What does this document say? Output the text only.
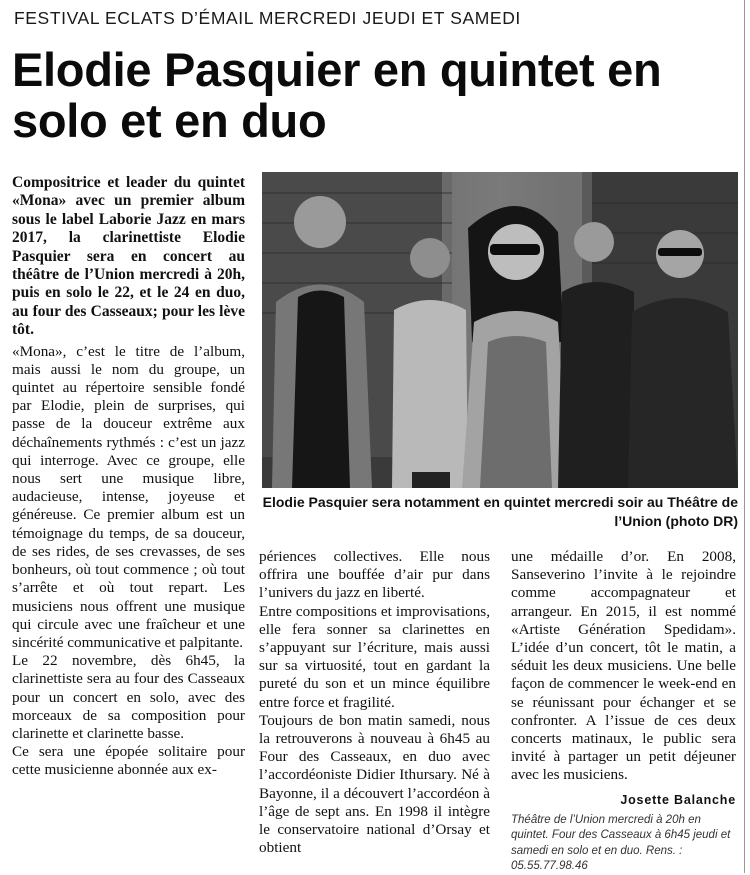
FESTIVAL ECLATS D’ÉMAIL MERCREDI JEUDI ET SAMEDI
Elodie Pasquier en quintet en solo et en duo

Compositrice et leader du quintet «Mona» avec un premier album sous le label Laborie Jazz en mars 2017, la clarinettiste Elodie Pasquier sera en concert au théâtre de l’Union mercredi à 20h, puis en solo le 22, et le 24 en duo, au four des Casseaux; pour les lève tôt.

«Mona», c’est le titre de l’album, mais aussi le nom du groupe, un quintet au répertoire sensible fondé par Elodie, plein de surprises, qui passe de la douceur extrême aux déchaînements rythmés : c’est un jazz qui interroge. Avec ce groupe, elle nous sert une musique libre, audacieuse, intense, joyeuse et généreuse. Ce premier album est un témoignage du temps, de sa douceur, de ses rides, de ses crevasses, de ses bonheurs, où tout commence ; où tout s’arrête et où tout repart. Les musiciens nous offrent une musique qui circule avec une fraîcheur et une sincérité communicative et palpitante.

Le 22 novembre, dès 6h45, la clarinettiste sera au four des Casseaux pour un concert en solo, avec des morceaux de sa composition pour clarinette et clarinette basse.

Ce sera une épopée solitaire pour cette musicienne abonnée aux ex-

Elodie Pasquier sera notamment en quintet mercredi soir au Théâtre de l’Union (photo DR)

périences collectives. Elle nous offrira une bouffée d’air pur dans l’univers du jazz en liberté.

Entre compositions et improvisations, elle fera sonner sa clarinettes en s’appuyant sur l’écriture, mais aussi sur sa virtuosité, tout en gardant la pureté du son et un mince équilibre entre force et fragilité.

Toujours de bon matin samedi, nous la retrouverons à nouveau à 6h45 au Four des Casseaux, en duo avec l’accordéoniste Didier Ithursary. Né à Bayonne, il a découvert l’accordéon à l’âge de sept ans. En 1998 il intègre le conservatoire national d’Orsay et obtient

une médaille d’or. En 2008, Sanseverino l’invite à le rejoindre comme accompagnateur et arrangeur. En 2015, il est nommé «Artiste Génération Spedidam». L’idée d’un concert, tôt le matin, a séduit les deux musiciens. Une belle façon de commencer le week-end en se réunissant pour échanger et se confronter. A l’issue de ces deux concerts matinaux, le public sera invité à partager un petit déjeuner avec les musiciens.

Josette Balanche

Théâtre de l’Union mercredi à 20h en quintet. Four des Casseaux à 6h45 jeudi et samedi en solo et en duo. Rens. : 05.55.77.98.46
